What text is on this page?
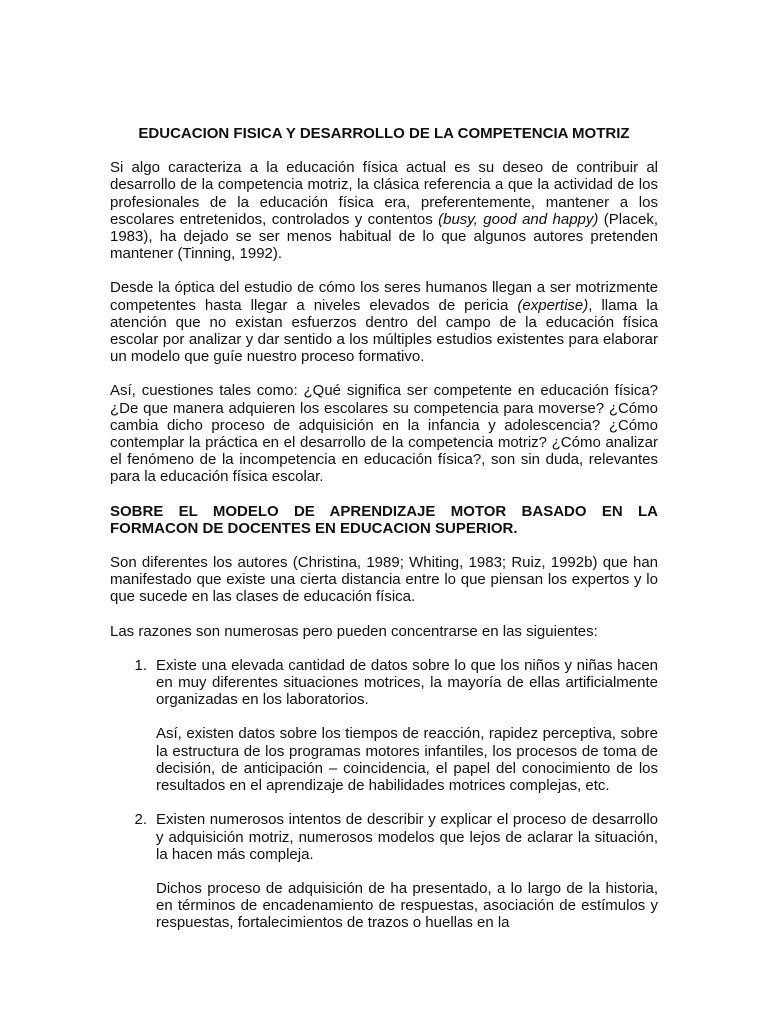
EDUCACION FISICA Y DESARROLLO DE LA COMPETENCIA MOTRIZ

Si algo caracteriza a la educación física actual es su deseo de contribuir al desarrollo de la competencia motriz, la clásica referencia a que la actividad de los profesionales de la educación física era, preferentemente, mantener a los escolares entretenidos, controlados y contentos (busy, good and happy) (Placek, 1983), ha dejado se ser menos habitual de lo que algunos autores pretenden mantener (Tinning, 1992).

Desde la óptica del estudio de cómo los seres humanos llegan a ser motrizmente competentes hasta llegar a niveles elevados de pericia (expertise), llama la atención que no existan esfuerzos dentro del campo de la educación física escolar por analizar y dar sentido a los múltiples estudios existentes para elaborar un modelo que guíe nuestro proceso formativo.

Así, cuestiones tales como: ¿Qué significa ser competente en educación física? ¿De que manera adquieren los escolares su competencia para moverse? ¿Cómo cambia dicho proceso de adquisición en la infancia y adolescencia? ¿Cómo contemplar la práctica en el desarrollo de la competencia motriz? ¿Cómo analizar el fenómeno de la incompetencia en educación física?, son sin duda, relevantes para la educación física escolar.

SOBRE EL MODELO DE APRENDIZAJE MOTOR BASADO EN LA FORMACON DE DOCENTES EN EDUCACION SUPERIOR.

Son diferentes los autores (Christina, 1989; Whiting, 1983; Ruiz, 1992b) que han manifestado que existe una cierta distancia entre lo que piensan los expertos y lo que sucede en las clases de educación física.

Las razones son numerosas pero pueden concentrarse en las siguientes:

1. Existe una elevada cantidad de datos sobre lo que los niños y niñas hacen en muy diferentes situaciones motrices, la mayoría de ellas artificialmente organizadas en los laboratorios.
Así, existen datos sobre los tiempos de reacción, rapidez perceptiva, sobre la estructura de los programas motores infantiles, los procesos de toma de decisión, de anticipación – coincidencia, el papel del conocimiento de los resultados en el aprendizaje de habilidades motrices complejas, etc.
2. Existen numerosos intentos de describir y explicar el proceso de desarrollo y adquisición motriz, numerosos modelos que lejos de aclarar la situación, la hacen más compleja.
Dichos proceso de adquisición de ha presentado, a lo largo de la historia, en términos de encadenamiento de respuestas, asociación de estímulos y respuestas, fortalecimientos de trazos o huellas en la
